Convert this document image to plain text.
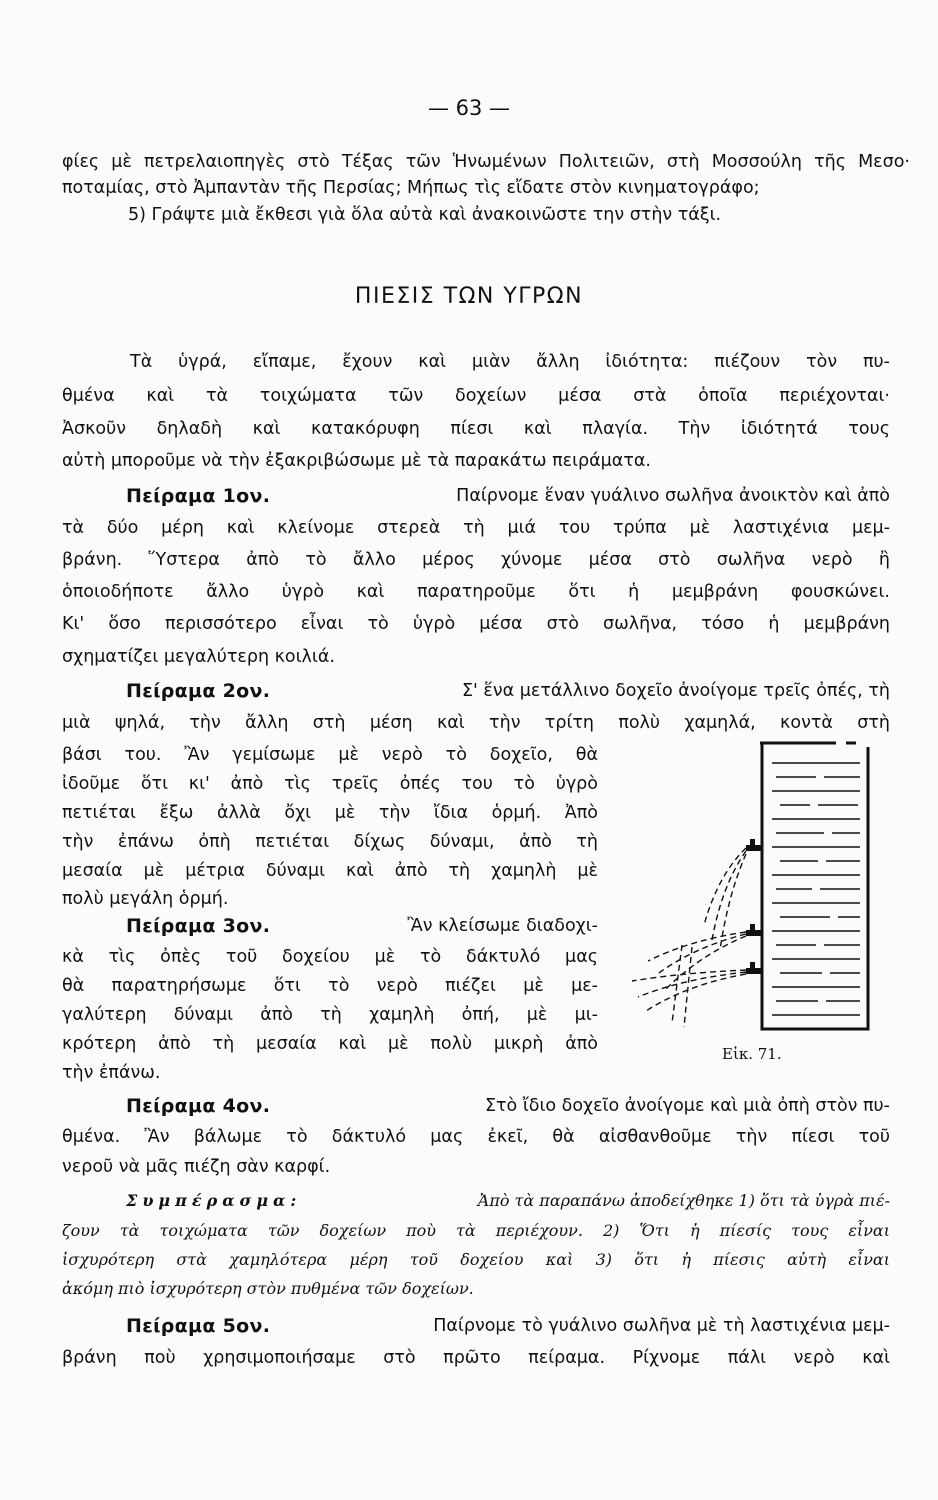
— 63 —
φίες μὲ πετρελαιοπηγὲς στὸ Τέξας τῶν Ἡνωμένων Πολιτειῶν, στὴ Μοσσούλη τῆς Μεσο·
ποταμίας, στὸ Ἀμπαντὰν τῆς Περσίας; Μήπως τὶς εἴδατε στὸν κινηματογράφο;
5) Γράψτε μιὰ ἔκθεσι γιὰ ὅλα αὐτὰ καὶ ἀνακοινῶστε την στὴν τάξι.
ΠΙΕΣΙΣ ΤΩΝ ΥΓΡΩΝ
Τὰ ὑγρά, εἴπαμε, ἔχουν καὶ μιὰν ἄλλη ἰδιότητα: πιέζουν τὸν πυ-
θμένα καὶ τὰ τοιχώματα τῶν δοχείων μέσα στὰ ὁποῖα περιέχονται·
Ἀσκοῦν δηλαδὴ καὶ κατακόρυφη πίεσι καὶ πλαγία. Τὴν ἰδιότητά τους
αὐτὴ μποροῦμε νὰ τὴν ἐξακριβώσωμε μὲ τὰ παρακάτω πειράματα.
Πείραμα 1ον.	Παίρνομε ἕναν γυάλινο σωλῆνα ἀνοικτὸν καὶ ἀπὸ
τὰ δύο μέρη καὶ κλείνομε στερεὰ τὴ μιά του τρύπα μὲ λαστιχένια μεμ-
βράνη. Ὕστερα ἀπὸ τὸ ἄλλο μέρος χύνομε μέσα στὸ σωλῆνα νερὸ ἢ
ὁποιοδήποτε ἄλλο ὑγρὸ καὶ παρατηροῦμε ὅτι ἡ μεμβράνη φουσκώνει.
Κι' ὅσο περισσότερο εἶναι τὸ ὑγρὸ μέσα στὸ σωλῆνα, τόσο ἡ μεμβράνη
σχηματίζει μεγαλύτερη κοιλιά.
Πείραμα 2ον.	Σ' ἕνα μετάλλινο δοχεῖο ἀνοίγομε τρεῖς ὀπές, τὴ
μιὰ ψηλά, τὴν ἄλλη στὴ μέση καὶ τὴν τρίτη πολὺ χαμηλά, κοντὰ στὴ
βάσι του. Ἂν γεμίσωμε μὲ νερὸ τὸ δοχεῖο, θὰ
ἰδοῦμε ὅτι κι' ἀπὸ τὶς τρεῖς ὀπές του τὸ ὑγρὸ
πετιέται ἔξω ἀλλὰ ὄχι μὲ τὴν ἴδια ὁρμή. Ἀπὸ
τὴν ἐπάνω ὀπὴ πετιέται δίχως δύναμι, ἀπὸ τὴ
μεσαία μὲ μέτρια δύναμι καὶ ἀπὸ τὴ χαμηλὴ μὲ
πολὺ μεγάλη ὁρμή.
Πείραμα 3ον.	Ἂν κλείσωμε διαδοχι-
κὰ τὶς ὀπὲς τοῦ δοχείου μὲ τὸ δάκτυλό μας
θὰ παρατηρήσωμε ὅτι τὸ νερὸ πιέζει μὲ με-
γαλύτερη δύναμι ἀπὸ τὴ χαμηλὴ ὀπή, μὲ μι-
κρότερη ἀπὸ τὴ μεσαία καὶ μὲ πολὺ μικρὴ ἀπὸ
τὴν ἐπάνω.
Εἰκ. 71.
Πείραμα 4ον.	Στὸ ἴδιο δοχεῖο ἀνοίγομε καὶ μιὰ ὀπὴ στὸν πυ-
θμένα. Ἂν βάλωμε τὸ δάκτυλό μας ἐκεῖ, θὰ αἰσθανθοῦμε τὴν πίεσι τοῦ
νεροῦ νὰ μᾶς πιέζη σὰν καρφί.
Συμπέρασμα:	Ἀπὸ τὰ παραπάνω ἀποδείχθηκε 1) ὅτι τὰ ὑγρὰ πιέ-
ζουν τὰ τοιχώματα τῶν δοχείων ποὺ τὰ περιέχουν. 2) Ὅτι ἡ πίεσίς τους εἶναι
ἰσχυρότερη στὰ χαμηλότερα μέρη τοῦ δοχείου καὶ 3) ὅτι ἡ πίεσις αὐτὴ εἶναι
ἀκόμη πιὸ ἰσχυρότερη στὸν πυθμένα τῶν δοχείων.
Πείραμα 5ον.	Παίρνομε τὸ γυάλινο σωλῆνα μὲ τὴ λαστιχένια μεμ-
βράνη ποὺ χρησιμοποιήσαμε στὸ πρῶτο πείραμα. Ρίχνομε πάλι νερὸ καὶ
